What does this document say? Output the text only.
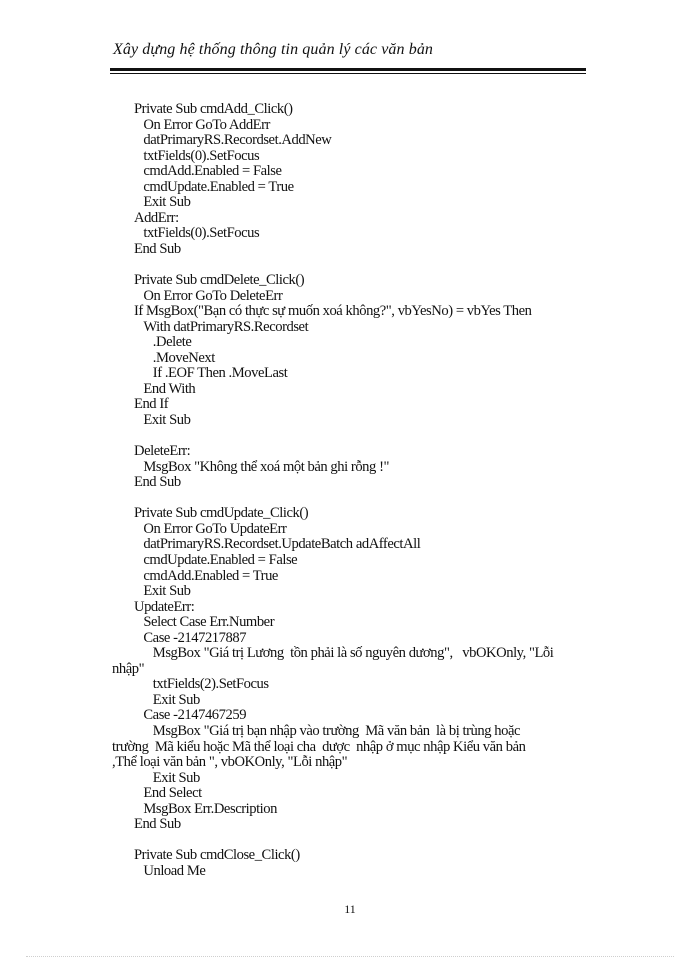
Xây dựng hệ thống thông tin quản lý các văn bản
Private Sub cmdAdd_Click()
On Error GoTo AddErr
datPrimaryRS.Recordset.AddNew
txtFields(0).SetFocus
cmdAdd.Enabled = False
cmdUpdate.Enabled = True
Exit Sub
AddErr:
txtFields(0).SetFocus
End Sub
Private Sub cmdDelete_Click()
On Error GoTo DeleteErr
If MsgBox("Bạn có thực sự muốn xoá không?", vbYesNo) = vbYes Then
With datPrimaryRS.Recordset
.Delete
.MoveNext
If .EOF Then .MoveLast
End With
End If
Exit Sub
DeleteErr:
MsgBox "Không thể xoá một bản ghi rỗng !"
End Sub
Private Sub cmdUpdate_Click()
On Error GoTo UpdateErr
datPrimaryRS.Recordset.UpdateBatch adAffectAll
cmdUpdate.Enabled = False
cmdAdd.Enabled = True
Exit Sub
UpdateErr:
Select Case Err.Number
Case -2147217887
MsgBox "Giá trị Lương  tồn phải là số nguyên dương",   vbOKOnly, "Lỗi
nhập"
txtFields(2).SetFocus
Exit Sub
Case -2147467259
MsgBox "Giá trị bạn nhập vào trường  Mã văn bản  là bị trùng hoặc
trường  Mã kiểu hoặc Mã thể loại cha  dược  nhập ở mục nhập Kiểu văn bản
,Thể loại văn bản ", vbOKOnly, "Lỗi nhập"
Exit Sub
End Select
MsgBox Err.Description
End Sub
Private Sub cmdClose_Click()
Unload Me
11
